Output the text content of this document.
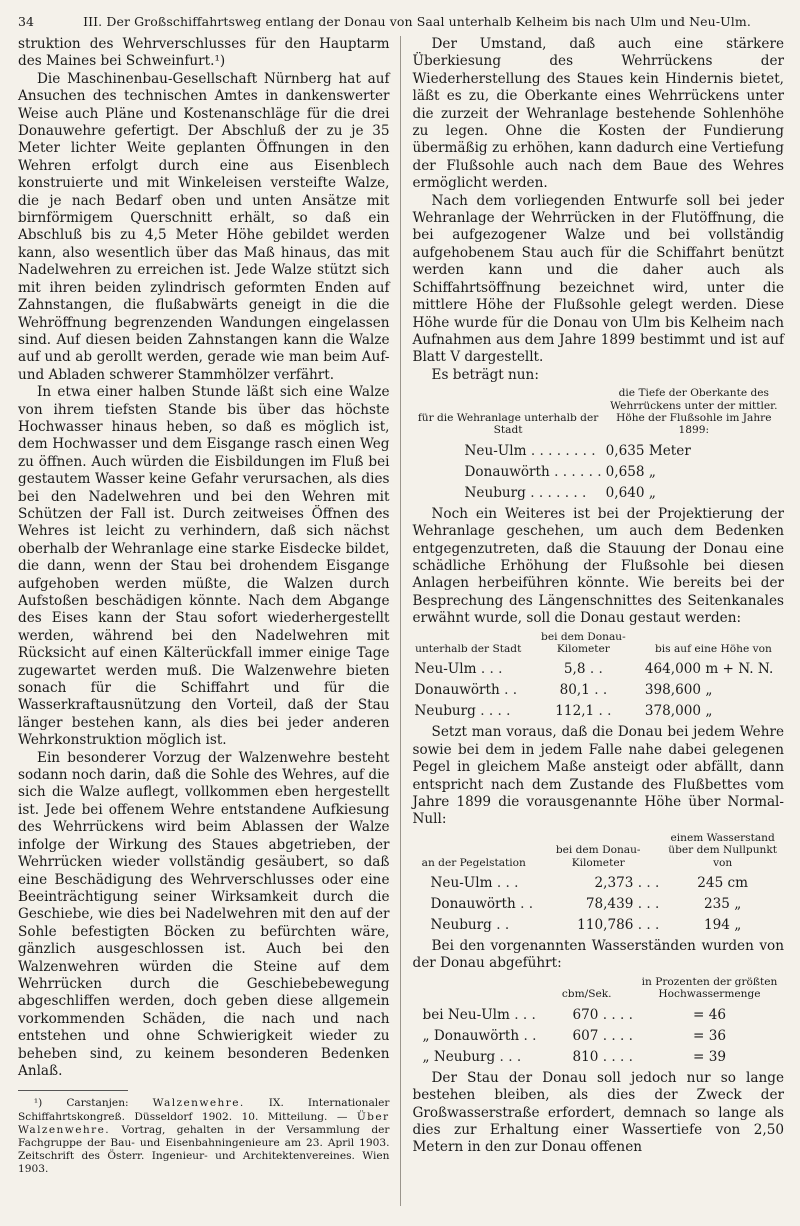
34	III. Der Großschiffahrtsweg entlang der Donau von Saal unterhalb Kelheim bis nach Ulm und Neu-Ulm.

struktion des Wehrverschlusses für den Hauptarm des Maines bei Schweinfurt.¹)

Die Maschinenbau-Gesellschaft Nürnberg hat auf Ansuchen des technischen Amtes in dankenswerter Weise auch Pläne und Kostenanschläge für die drei Donauwehre gefertigt. Der Abschluß der zu je 35 Meter lichter Weite geplanten Öffnungen in den Wehren erfolgt durch eine aus Eisenblech konstruierte und mit Winkeleisen versteifte Walze, die je nach Bedarf oben und unten Ansätze mit birnförmigem Querschnitt erhält, so daß ein Abschluß bis zu 4,5 Meter Höhe gebildet werden kann, also wesentlich über das Maß hinaus, das mit Nadelwehren zu erreichen ist. Jede Walze stützt sich mit ihren beiden zylindrisch geformten Enden auf Zahnstangen, die flußabwärts geneigt in die die Wehröffnung begrenzenden Wandungen eingelassen sind. Auf diesen beiden Zahnstangen kann die Walze auf und ab gerollt werden, gerade wie man beim Auf- und Abladen schwerer Stammhölzer verfährt.

In etwa einer halben Stunde läßt sich eine Walze von ihrem tiefsten Stande bis über das höchste Hochwasser hinaus heben, so daß es möglich ist, dem Hochwasser und dem Eisgange rasch einen Weg zu öffnen. Auch würden die Eisbildungen im Fluß bei gestautem Wasser keine Gefahr verursachen, als dies bei den Nadelwehren und bei den Wehren mit Schützen der Fall ist. Durch zeitweises Öffnen des Wehres ist leicht zu verhindern, daß sich nächst oberhalb der Wehranlage eine starke Eisdecke bildet, die dann, wenn der Stau bei drohendem Eisgange aufgehoben werden müßte, die Walzen durch Aufstoßen beschädigen könnte. Nach dem Abgange des Eises kann der Stau sofort wiederhergestellt werden, während bei den Nadelwehren mit Rücksicht auf einen Kälterückfall immer einige Tage zugewartet werden muß. Die Walzenwehre bieten sonach für die Schiffahrt und für die Wasserkraftausnützung den Vorteil, daß der Stau länger bestehen kann, als dies bei jeder anderen Wehrkonstruktion möglich ist.

Ein besonderer Vorzug der Walzenwehre besteht sodann noch darin, daß die Sohle des Wehres, auf die sich die Walze auflegt, vollkommen eben hergestellt ist. Jede bei offenem Wehre entstandene Aufkiesung des Wehrrückens wird beim Ablassen der Walze infolge der Wirkung des Staues abgetrieben, der Wehrrücken wieder vollständig gesäubert, so daß eine Beschädigung des Wehrverschlusses oder eine Beeinträchtigung seiner Wirksamkeit durch die Geschiebe, wie dies bei Nadelwehren mit den auf der Sohle befestigten Böcken zu befürchten wäre, gänzlich ausgeschlossen ist. Auch bei den Walzenwehren würden die Steine auf dem Wehrrücken durch die Geschiebebewegung abgeschliffen werden, doch geben diese allgemein vorkommenden Schäden, die nach und nach entstehen und ohne Schwierigkeit wieder zu beheben sind, zu keinem besonderen Bedenken Anlaß.

¹) Carstanjen: Walzenwehre. IX. Internationaler Schiffahrtskongreß. Düsseldorf 1902. 10. Mitteilung. — Über Walzenwehre. Vortrag, gehalten in der Versammlung der Fachgruppe der Bau- und Eisenbahningenieure am 23. April 1903. Zeitschrift des Österr. Ingenieur- und Architektenvereines. Wien 1903.

Der Umstand, daß auch eine stärkere Überkiesung des Wehrrückens der Wiederherstellung des Staues kein Hindernis bietet, läßt es zu, die Oberkante eines Wehrrückens unter die zurzeit der Wehranlage bestehende Sohlenhöhe zu legen. Ohne die Kosten der Fundierung übermäßig zu erhöhen, kann dadurch eine Vertiefung der Flußsohle auch nach dem Baue des Wehres ermöglicht werden.

Nach dem vorliegenden Entwurfe soll bei jeder Wehranlage der Wehrrücken in der Flutöffnung, die bei aufgezogener Walze und bei vollständig aufgehobenem Stau auch für die Schiffahrt benützt werden kann und die daher auch als Schiffahrtsöffnung bezeichnet wird, unter die mittlere Höhe der Flußsohle gelegt werden. Diese Höhe wurde für die Donau von Ulm bis Kelheim nach Aufnahmen aus dem Jahre 1899 bestimmt und ist auf Blatt V dargestellt.

Es beträgt nun:

für die Wehranlage unterhalb der Stadt	die Tiefe der Oberkante des Wehrrückens unter der mittler. Höhe der Flußsohle im Jahre 1899:
Neu-Ulm . . . . . . . .	0,635 Meter
Donauwörth . . . . . .	0,658 „
Neuburg . . . . . . .	0,640 „

Noch ein Weiteres ist bei der Projektierung der Wehranlage geschehen, um auch dem Bedenken entgegenzutreten, daß die Stauung der Donau eine schädliche Erhöhung der Flußsohle bei diesen Anlagen herbeiführen könnte. Wie bereits bei der Besprechung des Längenschnittes des Seitenkanales erwähnt wurde, soll die Donau gestaut werden:

unterhalb der Stadt	bei dem Donau-Kilometer	bis auf eine Höhe von
Neu-Ulm . . .	5,8 . .	464,000 m + N. N.
Donauwörth . .	80,1 . .	398,600 „
Neuburg . . . .	112,1 . .	378,000 „

Setzt man voraus, daß die Donau bei jedem Wehre sowie bei dem in jedem Falle nahe dabei gelegenen Pegel in gleichem Maße ansteigt oder abfällt, dann entspricht nach dem Zustande des Flußbettes vom Jahre 1899 die vorausgenannte Höhe über Normal-Null:

an der Pegelstation	bei dem Donau-Kilometer	einem Wasserstand über dem Nullpunkt von
Neu-Ulm . . .	2,373 . . .	245 cm
Donauwörth . .	78,439 . . .	235 „
Neuburg . .	110,786 . . .	194 „

Bei den vorgenannten Wasserständen wurden von der Donau abgeführt:

	cbm/Sek.	in Prozenten der größten Hochwassermenge
bei Neu-Ulm . . .	670 . . . .	= 46
„ Donauwörth . .	607 . . . .	= 36
„ Neuburg . . .	810 . . . .	= 39

Der Stau der Donau soll jedoch nur so lange bestehen bleiben, als dies der Zweck der Großwasserstraße erfordert, demnach so lange als dies zur Erhaltung einer Wassertiefe von 2,50 Metern in den zur Donau offenen
